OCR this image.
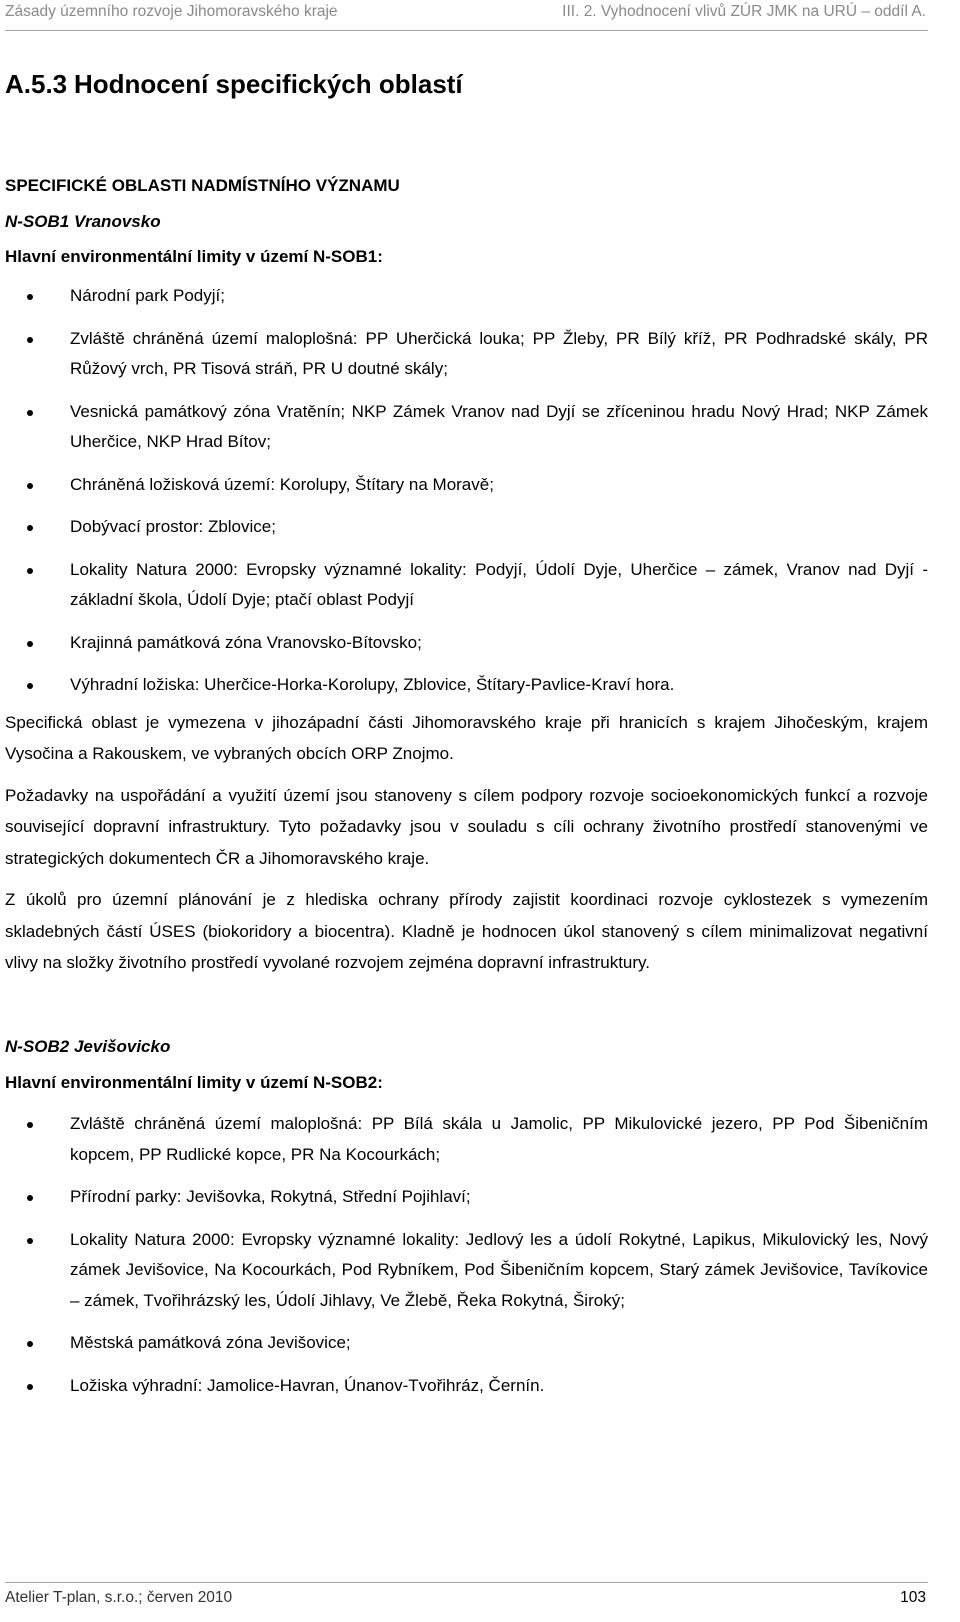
Zásady územního rozvoje Jihomoravského kraje	III. 2. Vyhodnocení vlivů ZÚR JMK na URÚ – oddíl A.
A.5.3 Hodnocení specifických oblastí
SPECIFICKÉ OBLASTI NADMÍSTNÍHO VÝZNAMU
N-SOB1 Vranovsko
Hlavní environmentální limity v území N-SOB1:
Národní park Podyjí;
Zvláště chráněná území maloplošná: PP Uherčická louka; PP Žleby, PR Bílý kříž, PR Podhradské skály, PR Růžový vrch, PR Tisová stráň, PR U doutné skály;
Vesnická památkový zóna Vratěnín; NKP Zámek Vranov nad Dyjí se zříceninou hradu Nový Hrad; NKP Zámek Uherčice, NKP Hrad Bítov;
Chráněná ložisková území: Korolupy, Štítary na Moravě;
Dobývací prostor: Zblovice;
Lokality Natura 2000: Evropsky významné lokality: Podyjí, Údolí Dyje, Uherčice – zámek, Vranov nad Dyjí - základní škola, Údolí Dyje; ptačí oblast Podyjí
Krajinná památková zóna Vranovsko-Bítovsko;
Výhradní ložiska: Uherčice-Horka-Korolupy, Zblovice, Štítary-Pavlice-Kraví hora.

Specifická oblast je vymezena v jihozápadní části Jihomoravského kraje při hranicích s krajem Jihočeským, krajem Vysočina a Rakouskem, ve vybraných obcích ORP Znojmo.

Požadavky na uspořádání a využití území jsou stanoveny s cílem podpory rozvoje socioekonomických funkcí a rozvoje související dopravní infrastruktury. Tyto požadavky jsou v souladu s cíli ochrany životního prostředí stanovenými ve strategických dokumentech ČR a Jihomoravského kraje.

Z úkolů pro územní plánování je z hlediska ochrany přírody zajistit koordinaci rozvoje cyklostezek s vymezením skladebných částí ÚSES (biokoridory a biocentra). Kladně je hodnocen úkol stanovený s cílem minimalizovat negativní vlivy na složky životního prostředí vyvolané rozvojem zejména dopravní infrastruktury.

N-SOB2 Jevišovicko
Hlavní environmentální limity v území N-SOB2:
Zvláště chráněná území maloplošná: PP Bílá skála u Jamolic, PP Mikulovické jezero, PP Pod Šibeničním kopcem, PP Rudlické kopce, PR Na Kocourkách;
Přírodní parky: Jevišovka, Rokytná, Střední Pojihlaví;
Lokality Natura 2000: Evropsky významné lokality: Jedlový les a údolí Rokytné, Lapikus, Mikulovický les, Nový zámek Jevišovice, Na Kocourkách, Pod Rybníkem, Pod Šibeničním kopcem, Starý zámek Jevišovice, Tavíkovice – zámek, Tvořihrázský les, Údolí Jihlavy, Ve Žlebě, Řeka Rokytná, Široký;
Městská památková zóna Jevišovice;
Ložiska výhradní: Jamolice-Havran, Únanov-Tvořihráz, Černín.
Atelier T-plan, s.r.o.; červen 2010	103
